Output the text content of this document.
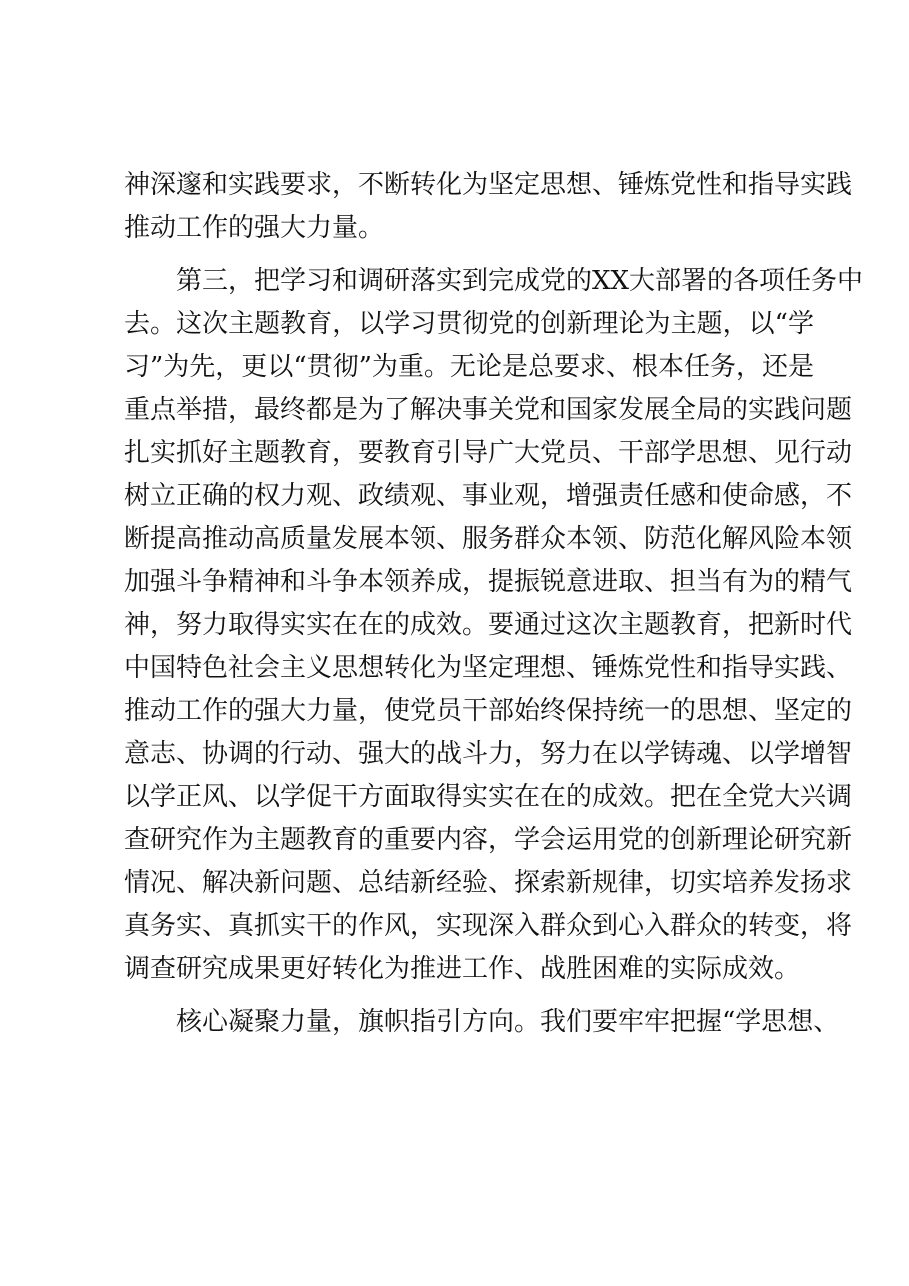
神深邃和实践要求，不断转化为坚定思想、锤炼党性和指导实践
推动工作的强大力量。
第三，把学习和调研落实到完成党的XX大部署的各项任务中
去。这次主题教育，以学习贯彻党的创新理论为主题，以“学
习”为先，更以“贯彻”为重。无论是总要求、根本任务，还是
重点举措，最终都是为了解决事关党和国家发展全局的实践问题
扎实抓好主题教育，要教育引导广大党员、干部学思想、见行动
树立正确的权力观、政绩观、事业观，增强责任感和使命感，不
断提高推动高质量发展本领、服务群众本领、防范化解风险本领
加强斗争精神和斗争本领养成，提振锐意进取、担当有为的精气
神，努力取得实实在在的成效。要通过这次主题教育，把新时代
中国特色社会主义思想转化为坚定理想、锤炼党性和指导实践、
推动工作的强大力量，使党员干部始终保持统一的思想、坚定的
意志、协调的行动、强大的战斗力，努力在以学铸魂、以学增智
以学正风、以学促干方面取得实实在在的成效。把在全党大兴调
查研究作为主题教育的重要内容，学会运用党的创新理论研究新
情况、解决新问题、总结新经验、探索新规律，切实培养发扬求
真务实、真抓实干的作风，实现深入群众到心入群众的转变，将
调查研究成果更好转化为推进工作、战胜困难的实际成效。
核心凝聚力量，旗帜指引方向。我们要牢牢把握“学思想、
